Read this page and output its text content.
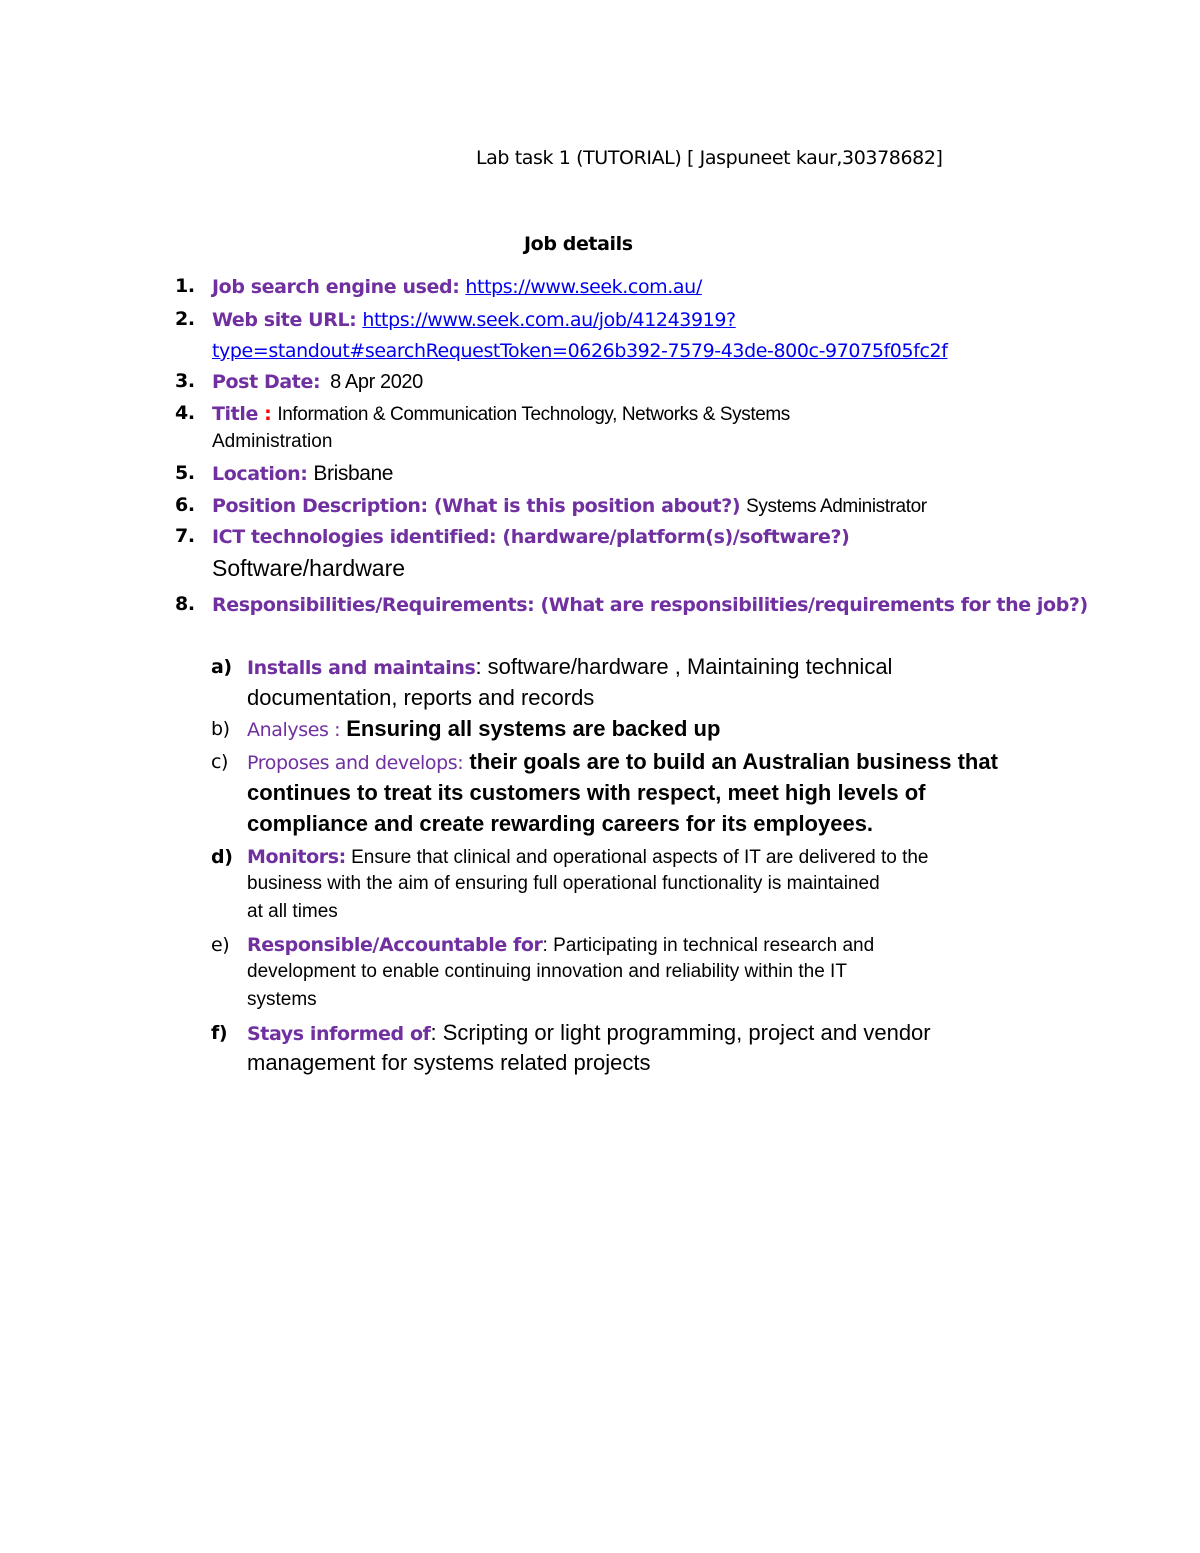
Lab task 1 (TUTORIAL) [ Jaspuneet kaur,30378682]
Job details
1. Job search engine used: https://www.seek.com.au/
2. Web site URL: https://www.seek.com.au/job/41243919?
type=standout#searchRequestToken=0626b392-7579-43de-800c-97075f05fc2f
3. Post Date: 8 Apr 2020
4. Title : Information & Communication Technology, Networks & Systems
Administration
5. Location: Brisbane
6. Position Description: (What is this position about?) Systems Administrator
7. ICT technologies identified: (hardware/platform(s)/software?)
Software/hardware
8. Responsibilities/Requirements: (What are responsibilities/requirements for the job?)
a) Installs and maintains: software/hardware , Maintaining technical
documentation, reports and records
b) Analyses : Ensuring all systems are backed up
c) Proposes and develops: their goals are to build an Australian business that
continues to treat its customers with respect, meet high levels of
compliance and create rewarding careers for its employees.
d) Monitors: Ensure that clinical and operational aspects of IT are delivered to the
business with the aim of ensuring full operational functionality is maintained
at all times
e) Responsible/Accountable for: Participating in technical research and
development to enable continuing innovation and reliability within the IT
systems
f) Stays informed of: Scripting or light programming, project and vendor
management for systems related projects
